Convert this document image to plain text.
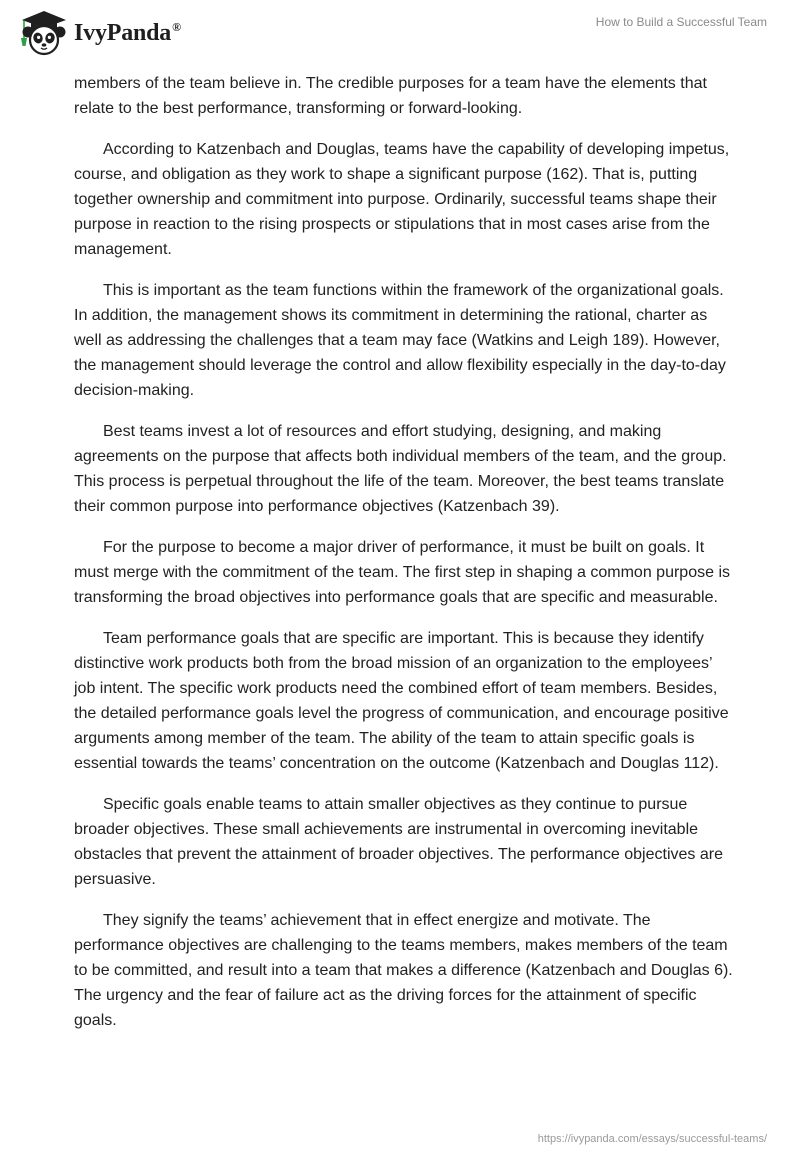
IvyPanda®	How to Build a Successful Team

members of the team believe in. The credible purposes for a team have the elements that relate to the best performance, transforming or forward-looking.

According to Katzenbach and Douglas, teams have the capability of developing impetus, course, and obligation as they work to shape a significant purpose (162). That is, putting together ownership and commitment into purpose. Ordinarily, successful teams shape their purpose in reaction to the rising prospects or stipulations that in most cases arise from the management.

This is important as the team functions within the framework of the organizational goals. In addition, the management shows its commitment in determining the rational, charter as well as addressing the challenges that a team may face (Watkins and Leigh 189). However, the management should leverage the control and allow flexibility especially in the day-to-day decision-making.

Best teams invest a lot of resources and effort studying, designing, and making agreements on the purpose that affects both individual members of the team, and the group. This process is perpetual throughout the life of the team. Moreover, the best teams translate their common purpose into performance objectives (Katzenbach 39).

For the purpose to become a major driver of performance, it must be built on goals. It must merge with the commitment of the team. The first step in shaping a common purpose is transforming the broad objectives into performance goals that are specific and measurable.

Team performance goals that are specific are important. This is because they identify distinctive work products both from the broad mission of an organization to the employees’ job intent. The specific work products need the combined effort of team members. Besides, the detailed performance goals level the progress of communication, and encourage positive arguments among member of the team. The ability of the team to attain specific goals is essential towards the teams’ concentration on the outcome (Katzenbach and Douglas 112).

Specific goals enable teams to attain smaller objectives as they continue to pursue broader objectives. These small achievements are instrumental in overcoming inevitable obstacles that prevent the attainment of broader objectives. The performance objectives are persuasive.

They signify the teams’ achievement that in effect energize and motivate. The performance objectives are challenging to the teams members, makes members of the team to be committed, and result into a team that makes a difference (Katzenbach and Douglas 6). The urgency and the fear of failure act as the driving forces for the attainment of specific goals.

https://ivypanda.com/essays/successful-teams/
